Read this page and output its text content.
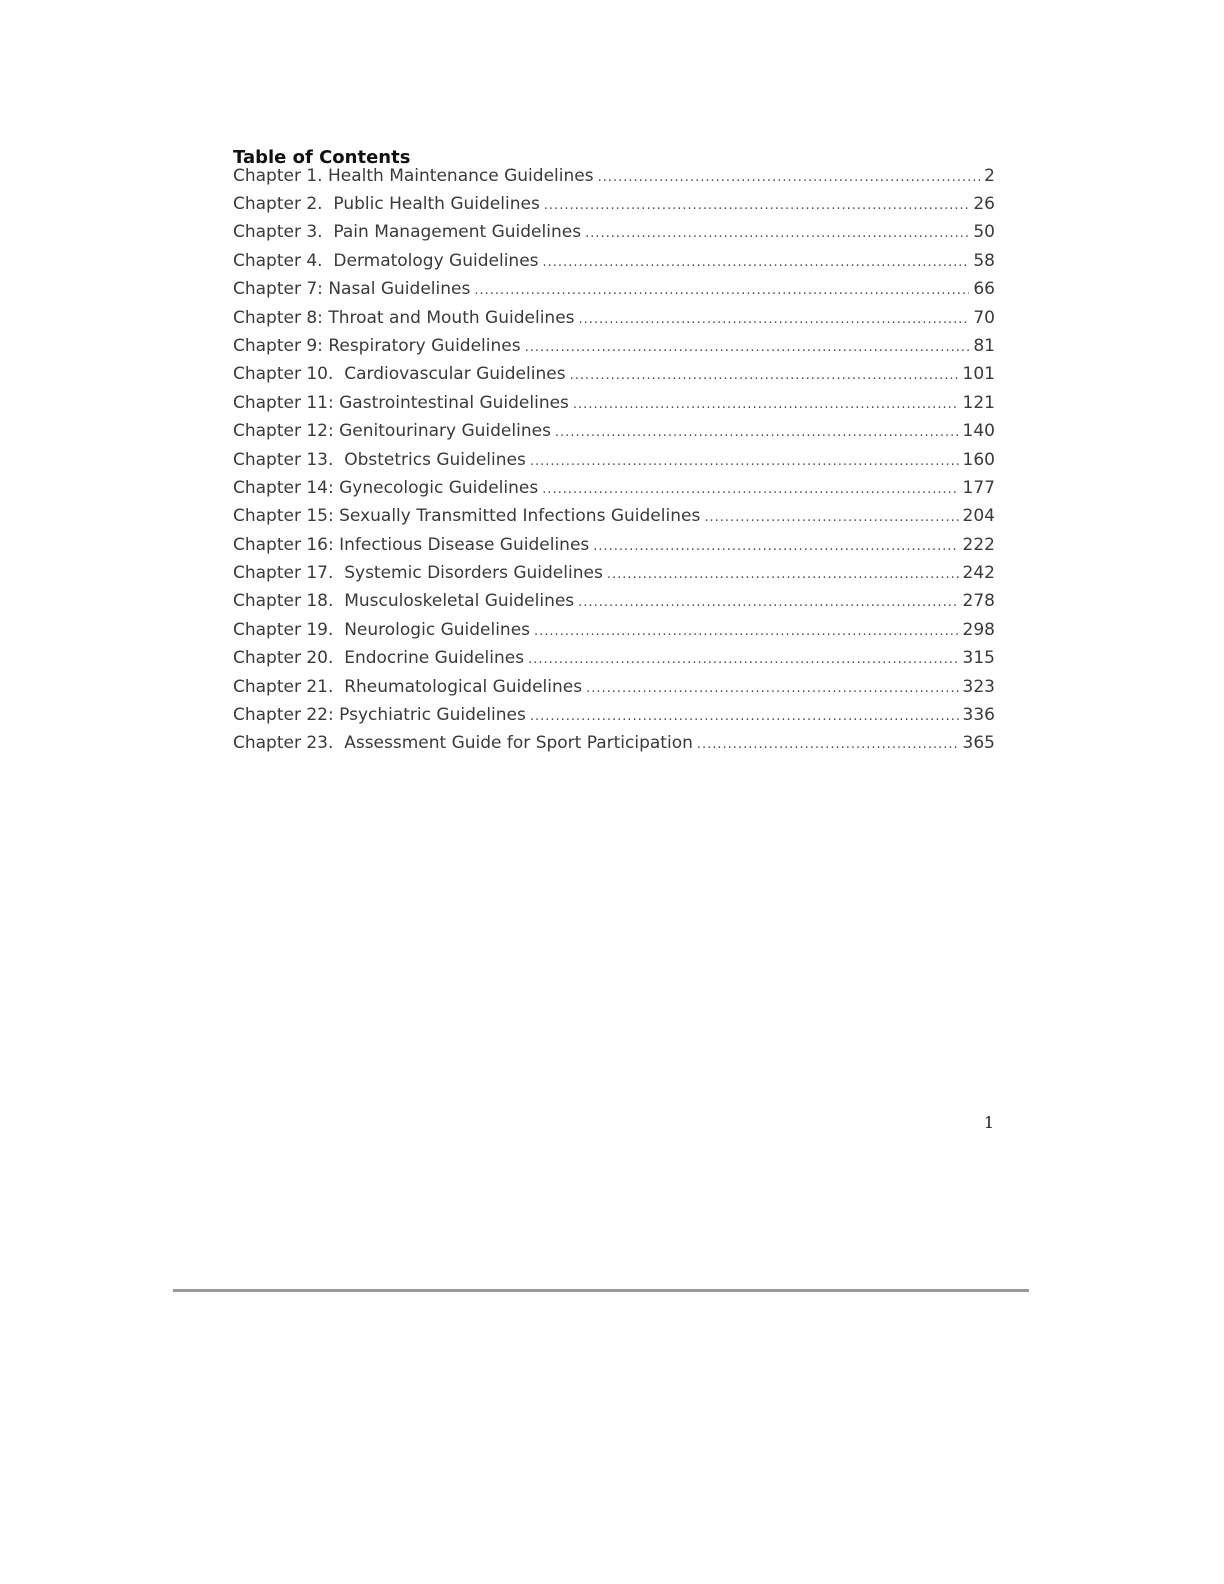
Table of Contents
Chapter 1. Health Maintenance Guidelines .....	2
Chapter 2.  Public Health Guidelines .....	26
Chapter 3.  Pain Management Guidelines .....	50
Chapter 4.  Dermatology Guidelines .....	58
Chapter 7: Nasal Guidelines .....	66
Chapter 8: Throat and Mouth Guidelines .....	70
Chapter 9: Respiratory Guidelines .....	81
Chapter 10.  Cardiovascular Guidelines .....	101
Chapter 11: Gastrointestinal Guidelines .....	121
Chapter 12: Genitourinary Guidelines .....	140
Chapter 13.  Obstetrics Guidelines .....	160
Chapter 14: Gynecologic Guidelines .....	177
Chapter 15: Sexually Transmitted Infections Guidelines .....	204
Chapter 16: Infectious Disease Guidelines .....	222
Chapter 17.  Systemic Disorders Guidelines .....	242
Chapter 18.  Musculoskeletal Guidelines .....	278
Chapter 19.  Neurologic Guidelines .....	298
Chapter 20.  Endocrine Guidelines .....	315
Chapter 21.  Rheumatological Guidelines .....	323
Chapter 22: Psychiatric Guidelines .....	336
Chapter 23.  Assessment Guide for Sport Participation .....	365
1
